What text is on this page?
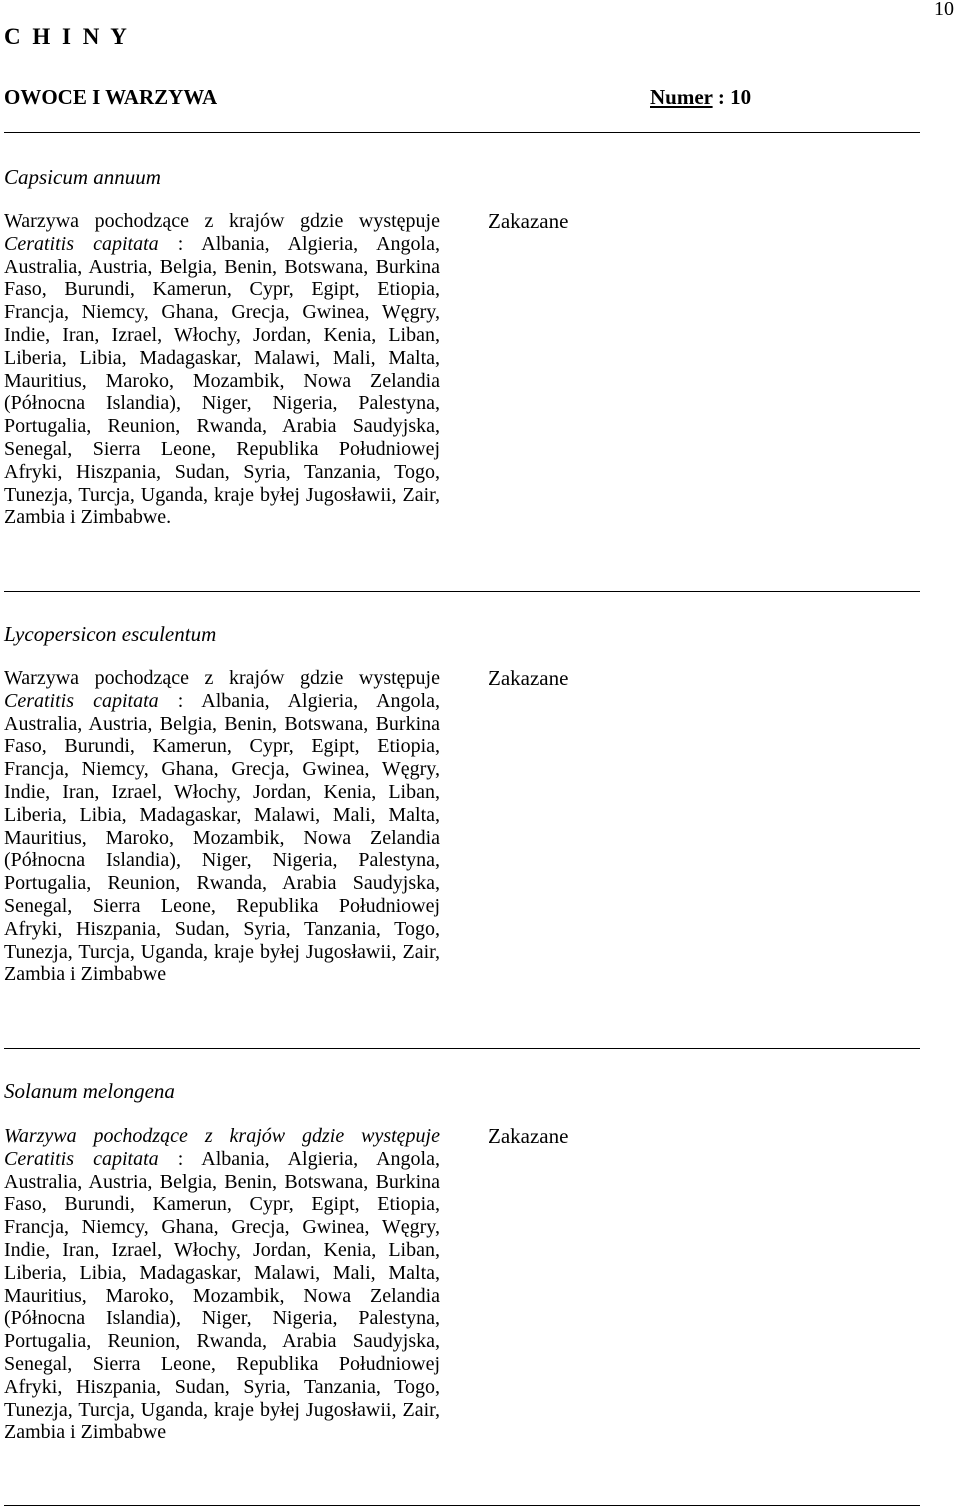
10
C H I N Y
OWOCE I WARZYWA	Numer : 10
Capsicum annuum

Warzywa pochodzące z krajów gdzie występuje Ceratitis capitata : Albania, Algieria, Angola, Australia, Austria, Belgia, Benin, Botswana, Burkina Faso, Burundi, Kamerun, Cypr, Egipt, Etiopia, Francja, Niemcy, Ghana, Grecja, Gwinea, Węgry, Indie, Iran, Izrael, Włochy, Jordan, Kenia, Liban, Liberia, Libia, Madagaskar, Malawi, Mali, Malta, Mauritius, Maroko, Mozambik, Nowa Zelandia (Północna Islandia), Niger, Nigeria, Palestyna, Portugalia, Reunion, Rwanda, Arabia Saudyjska, Senegal, Sierra Leone, Republika Południowej Afryki, Hiszpania, Sudan, Syria, Tanzania, Togo, Tunezja, Turcja, Uganda, kraje byłej Jugosławii, Zair, Zambia i Zimbabwe.

Zakazane
Lycopersicon esculentum

Warzywa pochodzące z krajów gdzie występuje Ceratitis capitata : Albania, Algieria, Angola, Australia, Austria, Belgia, Benin, Botswana, Burkina Faso, Burundi, Kamerun, Cypr, Egipt, Etiopia, Francja, Niemcy, Ghana, Grecja, Gwinea, Węgry, Indie, Iran, Izrael, Włochy, Jordan, Kenia, Liban, Liberia, Libia, Madagaskar, Malawi, Mali, Malta, Mauritius, Maroko, Mozambik, Nowa Zelandia (Północna Islandia), Niger, Nigeria, Palestyna, Portugalia, Reunion, Rwanda, Arabia Saudyjska, Senegal, Sierra Leone, Republika Południowej Afryki, Hiszpania, Sudan, Syria, Tanzania, Togo, Tunezja, Turcja, Uganda, kraje byłej Jugosławii, Zair, Zambia i Zimbabwe

Zakazane
Solanum melongena

Warzywa pochodzące z krajów gdzie występuje Ceratitis capitata : Albania, Algieria, Angola, Australia, Austria, Belgia, Benin, Botswana, Burkina Faso, Burundi, Kamerun, Cypr, Egipt, Etiopia, Francja, Niemcy, Ghana, Grecja, Gwinea, Węgry, Indie, Iran, Izrael, Włochy, Jordan, Kenia, Liban, Liberia, Libia, Madagaskar, Malawi, Mali, Malta, Mauritius, Maroko, Mozambik, Nowa Zelandia (Północna Islandia), Niger, Nigeria, Palestyna, Portugalia, Reunion, Rwanda, Arabia Saudyjska, Senegal, Sierra Leone, Republika Południowej Afryki, Hiszpania, Sudan, Syria, Tanzania, Togo, Tunezja, Turcja, Uganda, kraje byłej Jugosławii, Zair, Zambia i Zimbabwe

Zakazane
